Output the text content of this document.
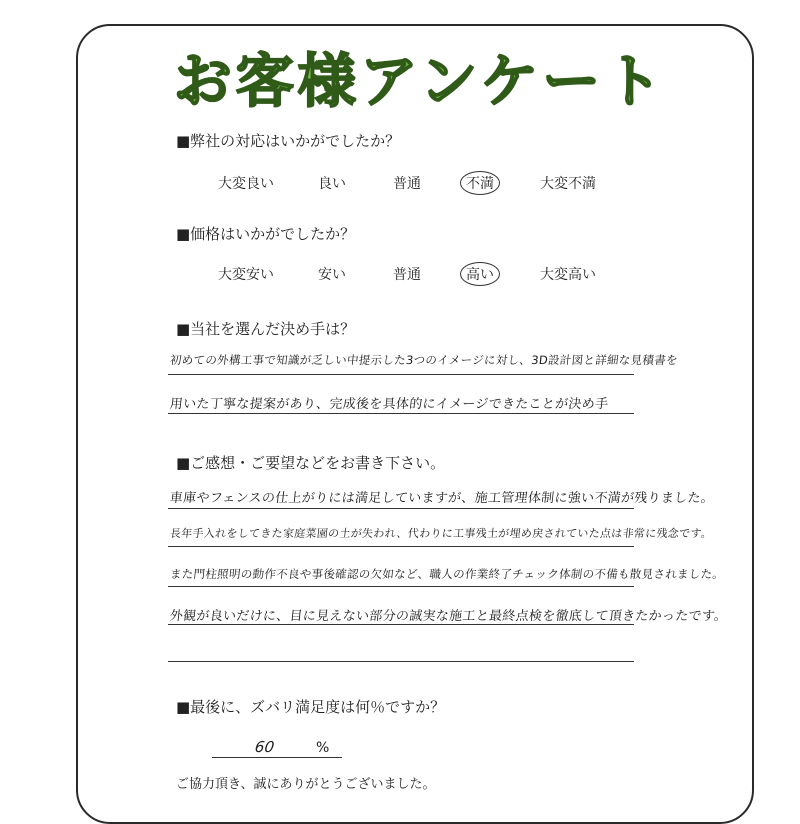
お客様アンケート
■弊社の対応はいかがでしたか？
大変良い	良い	普通	不満	大変不満
■価格はいかがでしたか？
大変安い	安い	普通	高い	大変高い
■当社を選んだ決め手は？
初めての外構工事で知識が乏しい中提示した3つのイメージに対し、3D設計図と詳細な見積書を
用いた丁寧な提案があり、完成後を具体的にイメージできたことが決め手
■ご感想・ご要望などをお書き下さい。
車庫やフェンスの仕上がりには満足していますが、施工管理体制に強い不満が残りました。
長年手入れをしてきた家庭菜園の土が失われ、代わりに工事残土が埋め戻されていた点は非常に残念です。
また門柱照明の動作不良や事後確認の欠如など、職人の作業終了チェック体制の不備も散見されました。
外観が良いだけに、目に見えない部分の誠実な施工と最終点検を徹底して頂きたかったです。
■最後に、ズバリ満足度は何％ですか？
60	%
ご協力頂き、誠にありがとうございました。
